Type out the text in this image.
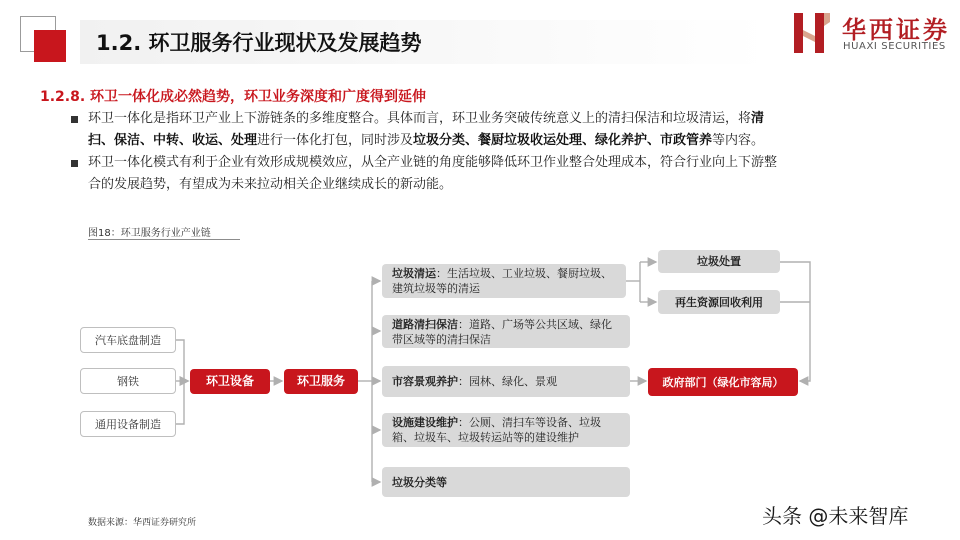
1.2. 环卫服务行业现状及发展趋势	华西证券
HUAXI SECURITIES
1.2.8. 环卫一体化成必然趋势，环卫业务深度和广度得到延伸
环卫一体化是指环卫产业上下游链条的多维度整合。具体而言，环卫业务突破传统意义上的清扫保洁和垃圾清运，将清
扫、保洁、中转、收运、处理进行一体化打包，同时涉及垃圾分类、餐厨垃圾收运处理、绿化养护、市政管养等内容。
环卫一体化模式有利于企业有效形成规模效应，从全产业链的角度能够降低环卫作业整合处理成本，符合行业向上下游整
合的发展趋势，有望成为未来拉动相关企业继续成长的新动能。
图18：环卫服务行业产业链
汽车底盘制造
钢铁
通用设备制造
环卫设备	环卫服务
垃圾清运：生活垃圾、工业垃圾、餐厨垃圾、建筑垃圾等的清运
道路清扫保洁：道路、广场等公共区域、绿化带区域等的清扫保洁
市容景观养护：园林、绿化、景观
设施建设维护：公厕、清扫车等设备、垃圾箱、垃圾车、垃圾转运站等的建设维护
垃圾分类等
垃圾处置
再生资源回收利用
政府部门（绿化市容局）
数据来源：华西证券研究所	头条 @未来智库
